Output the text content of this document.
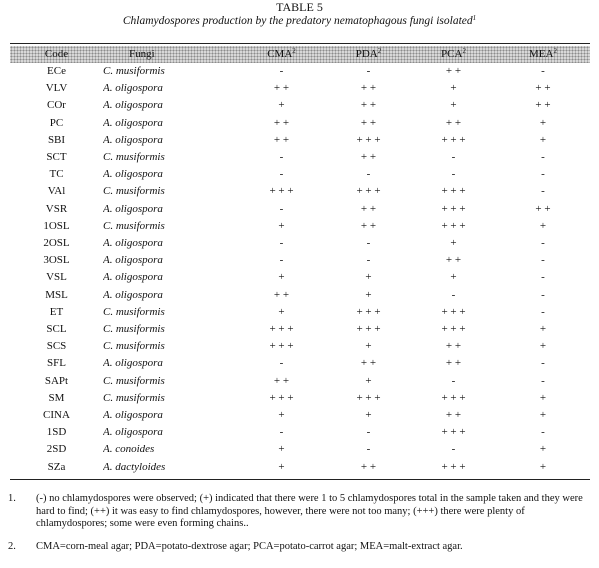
TABLE 5
Chlamydospores production by the predatory nematophagous fungi isolated$^1$
Code	Fungi	CMA$^2$	PDA$^2$	PCA$^2$	MEA$^2$
ECe	C. musiformis	-	-	+ +	-
VLV	A. oligospora	+ +	+ +	+	+ +
COr	A. oligospora	+	+ +	+	+ +
PC	A. oligospora	+ +	+ +	+ +	+
SBI	A. oligospora	+ +	+ + +	+ + +	+
SCT	C. musiformis	-	+ +	-	-
TC	A. oligospora	-	-	-	-
VAl	C. musiformis	+ + +	+ + +	+ + +	-
VSR	A. oligospora	-	+ +	+ + +	+ +
1OSL	C. musiformis	+	+ +	+ + +	+
2OSL	A. oligospora	-	-	+	-
3OSL	A. oligospora	-	-	+ +	-
VSL	A. oligospora	+	+	+	-
MSL	A. oligospora	+ +	+	-	-
ET	C. musiformis	+	+ + +	+ + +	-
SCL	C. musiformis	+ + +	+ + +	+ + +	+
SCS	C. musiformis	+ + +	+	+ +	+
SFL	A. oligospora	-	+ +	+ +	-
SAPt	C. musiformis	+ +	+	-	-
SM	C. musiformis	+ + +	+ + +	+ + +	+
CINA	A. oligospora	+	+	+ +	+
1SD	A. oligospora	-	-	+ + +	-
2SD	A. conoides	+	-	-	+
SZa	A. dactyloides	+	+ +	+ + +	+
1. (-) no chlamydospores were observed; (+) indicated that there were 1 to 5 chlamydospores total in the sample taken and they were hard to find; (++) it was easy to find chlamydospores, however, there were not too many; (+++) there were plenty of chlamydospores; some were even forming chains..
2. CMA=corn-meal agar; PDA=potato-dextrose agar; PCA=potato-carrot agar; MEA=malt-extract agar.
